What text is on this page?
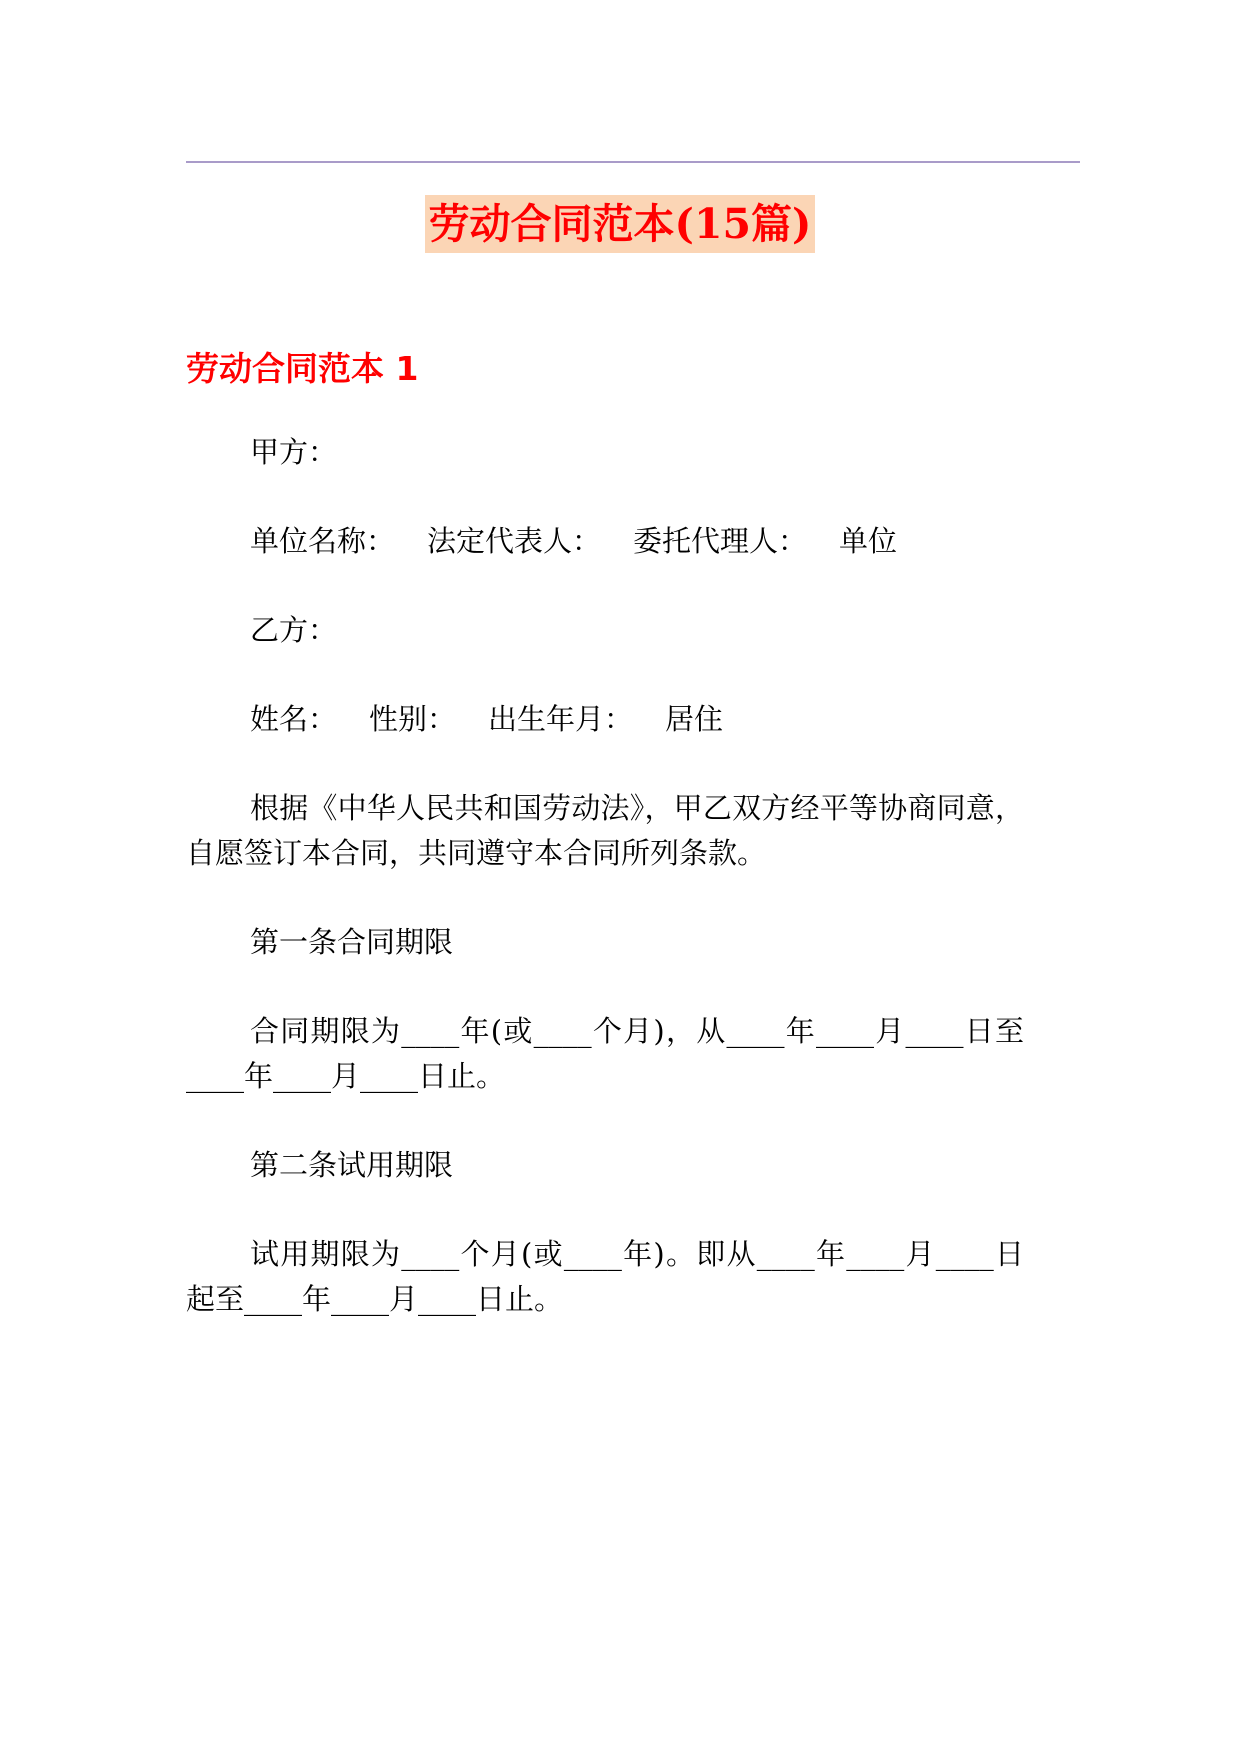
劳动合同范本(15篇)
劳动合同范本 1

甲方：

单位名称： 法定代表人： 委托代理人： 单位

乙方：

姓名： 性别： 出生年月： 居住

根据《中华人民共和国劳动法》，甲乙双方经平等协商同意，自愿签订本合同，共同遵守本合同所列条款。

第一条合同期限

合同期限为____年(或____个月)，从____年____月____日至____年____月____日止。

第二条试用期限

试用期限为____个月(或____年)。即从____年____月____日起至____年____月____日止。
